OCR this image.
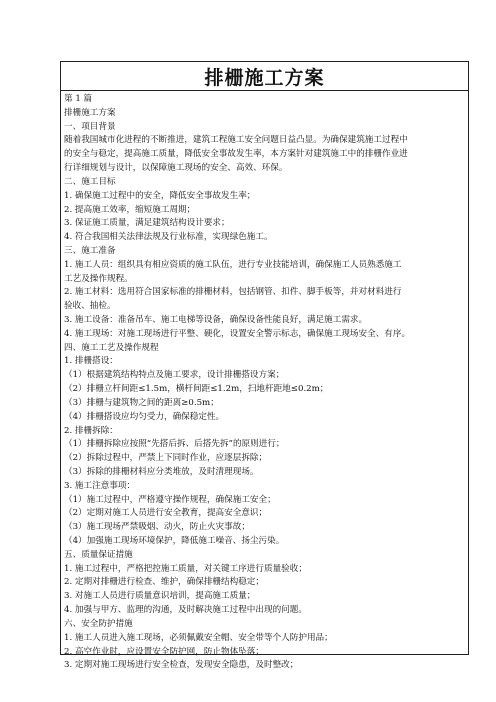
排栅施工方案
第 1 篇
排栅施工方案
一、项目背景
随着我国城市化进程的不断推进，建筑工程施工安全问题日益凸显。为确保建筑施工过程中
的安全与稳定，提高施工质量，降低安全事故发生率，本方案针对建筑施工中的排栅作业进
行详细规划与设计，以保障施工现场的安全、高效、环保。
二、施工目标
1. 确保施工过程中的安全，降低安全事故发生率；
2. 提高施工效率，缩短施工周期；
3. 保证施工质量，满足建筑结构设计要求；
4. 符合我国相关法律法规及行业标准，实现绿色施工。
三、施工准备
1. 施工人员：组织具有相应资质的施工队伍，进行专业技能培训，确保施工人员熟悉施工
工艺及操作规程。
2. 施工材料：选用符合国家标准的排栅材料，包括钢管、扣件、脚手板等，并对材料进行
验收、抽检。
3. 施工设备：准备吊车、施工电梯等设备，确保设备性能良好，满足施工需求。
4. 施工现场：对施工现场进行平整、硬化，设置安全警示标志，确保施工现场安全、有序。
四、施工工艺及操作规程
1. 排栅搭设：
（1）根据建筑结构特点及施工要求，设计排栅搭设方案；
（2）排栅立杆间距≤1.5m，横杆间距≤1.2m，扫地杆距地≤0.2m；
（3）排栅与建筑物之间的距离≥0.5m；
（4）排栅搭设应均匀受力，确保稳定性。
2. 排栅拆除：
（1）排栅拆除应按照“先搭后拆、后搭先拆”的原则进行；
（2）拆除过程中，严禁上下同时作业，应逐层拆除；
（3）拆除的排栅材料应分类堆放，及时清理现场。
3. 施工注意事项：
（1）施工过程中，严格遵守操作规程，确保施工安全；
（2）定期对施工人员进行安全教育，提高安全意识；
（3）施工现场严禁吸烟、动火，防止火灾事故；
（4）加强施工现场环境保护，降低施工噪音、扬尘污染。
五、质量保证措施
1. 施工过程中，严格把控施工质量，对关键工序进行质量验收；
2. 定期对排栅进行检查、维护，确保排栅结构稳定；
3. 对施工人员进行质量意识培训，提高施工质量；
4. 加强与甲方、监理的沟通，及时解决施工过程中出现的问题。
六、安全防护措施
1. 施工人员进入施工现场，必须佩戴安全帽、安全带等个人防护用品；
2. 高空作业时，应设置安全防护网，防止物体坠落；
3. 定期对施工现场进行安全检查，发现安全隐患，及时整改；
